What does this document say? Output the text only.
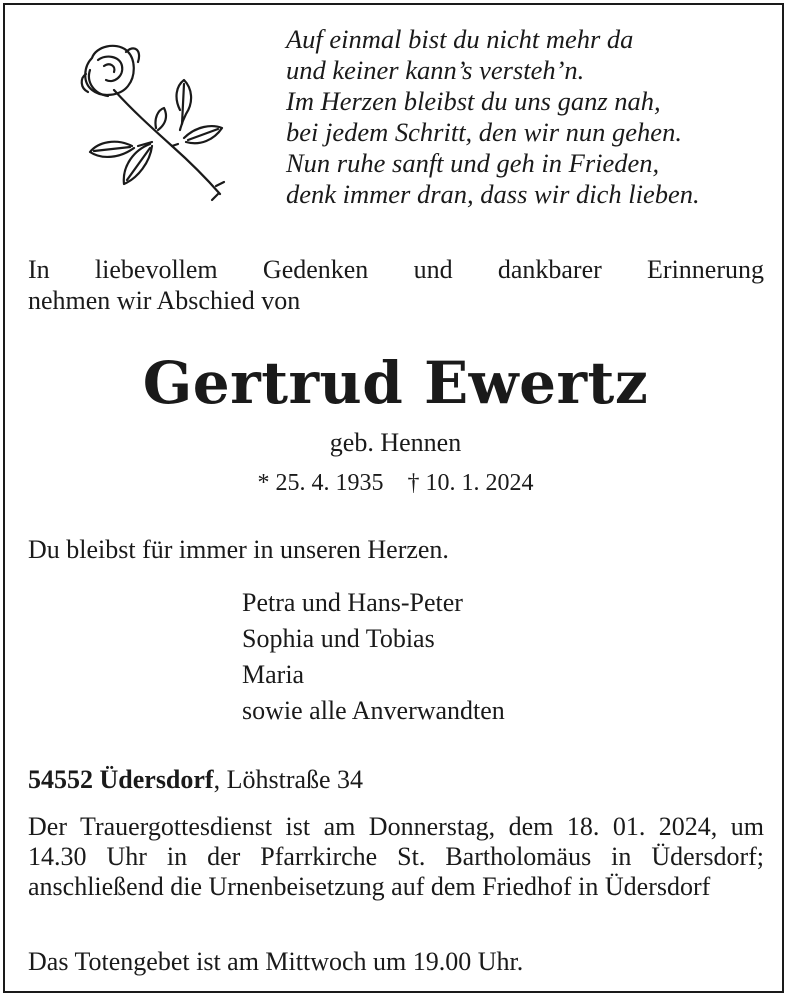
Auf einmal bist du nicht mehr da
und keiner kann’s versteh’n.
Im Herzen bleibst du uns ganz nah,
bei jedem Schritt, den wir nun gehen.
Nun ruhe sanft und geh in Frieden,
denk immer dran, dass wir dich lieben.
In liebevollem Gedenken und dankbarer Erinnerung
nehmen wir Abschied von
Gertrud Ewertz
geb. Hennen
* 25. 4. 1935    † 10. 1. 2024
Du bleibst für immer in unseren Herzen.
Petra und Hans-Peter
Sophia und Tobias
Maria
sowie alle Anverwandten
54552 Üdersdorf, Löhstraße 34
Der Trauergottesdienst ist am Donnerstag, dem 18. 01. 2024, um 14.30 Uhr in der Pfarrkirche St. Bartholomäus in Üdersdorf; anschließend die Urnenbeisetzung auf dem Friedhof in Üdersdorf
Das Totengebet ist am Mittwoch um 19.00 Uhr.
